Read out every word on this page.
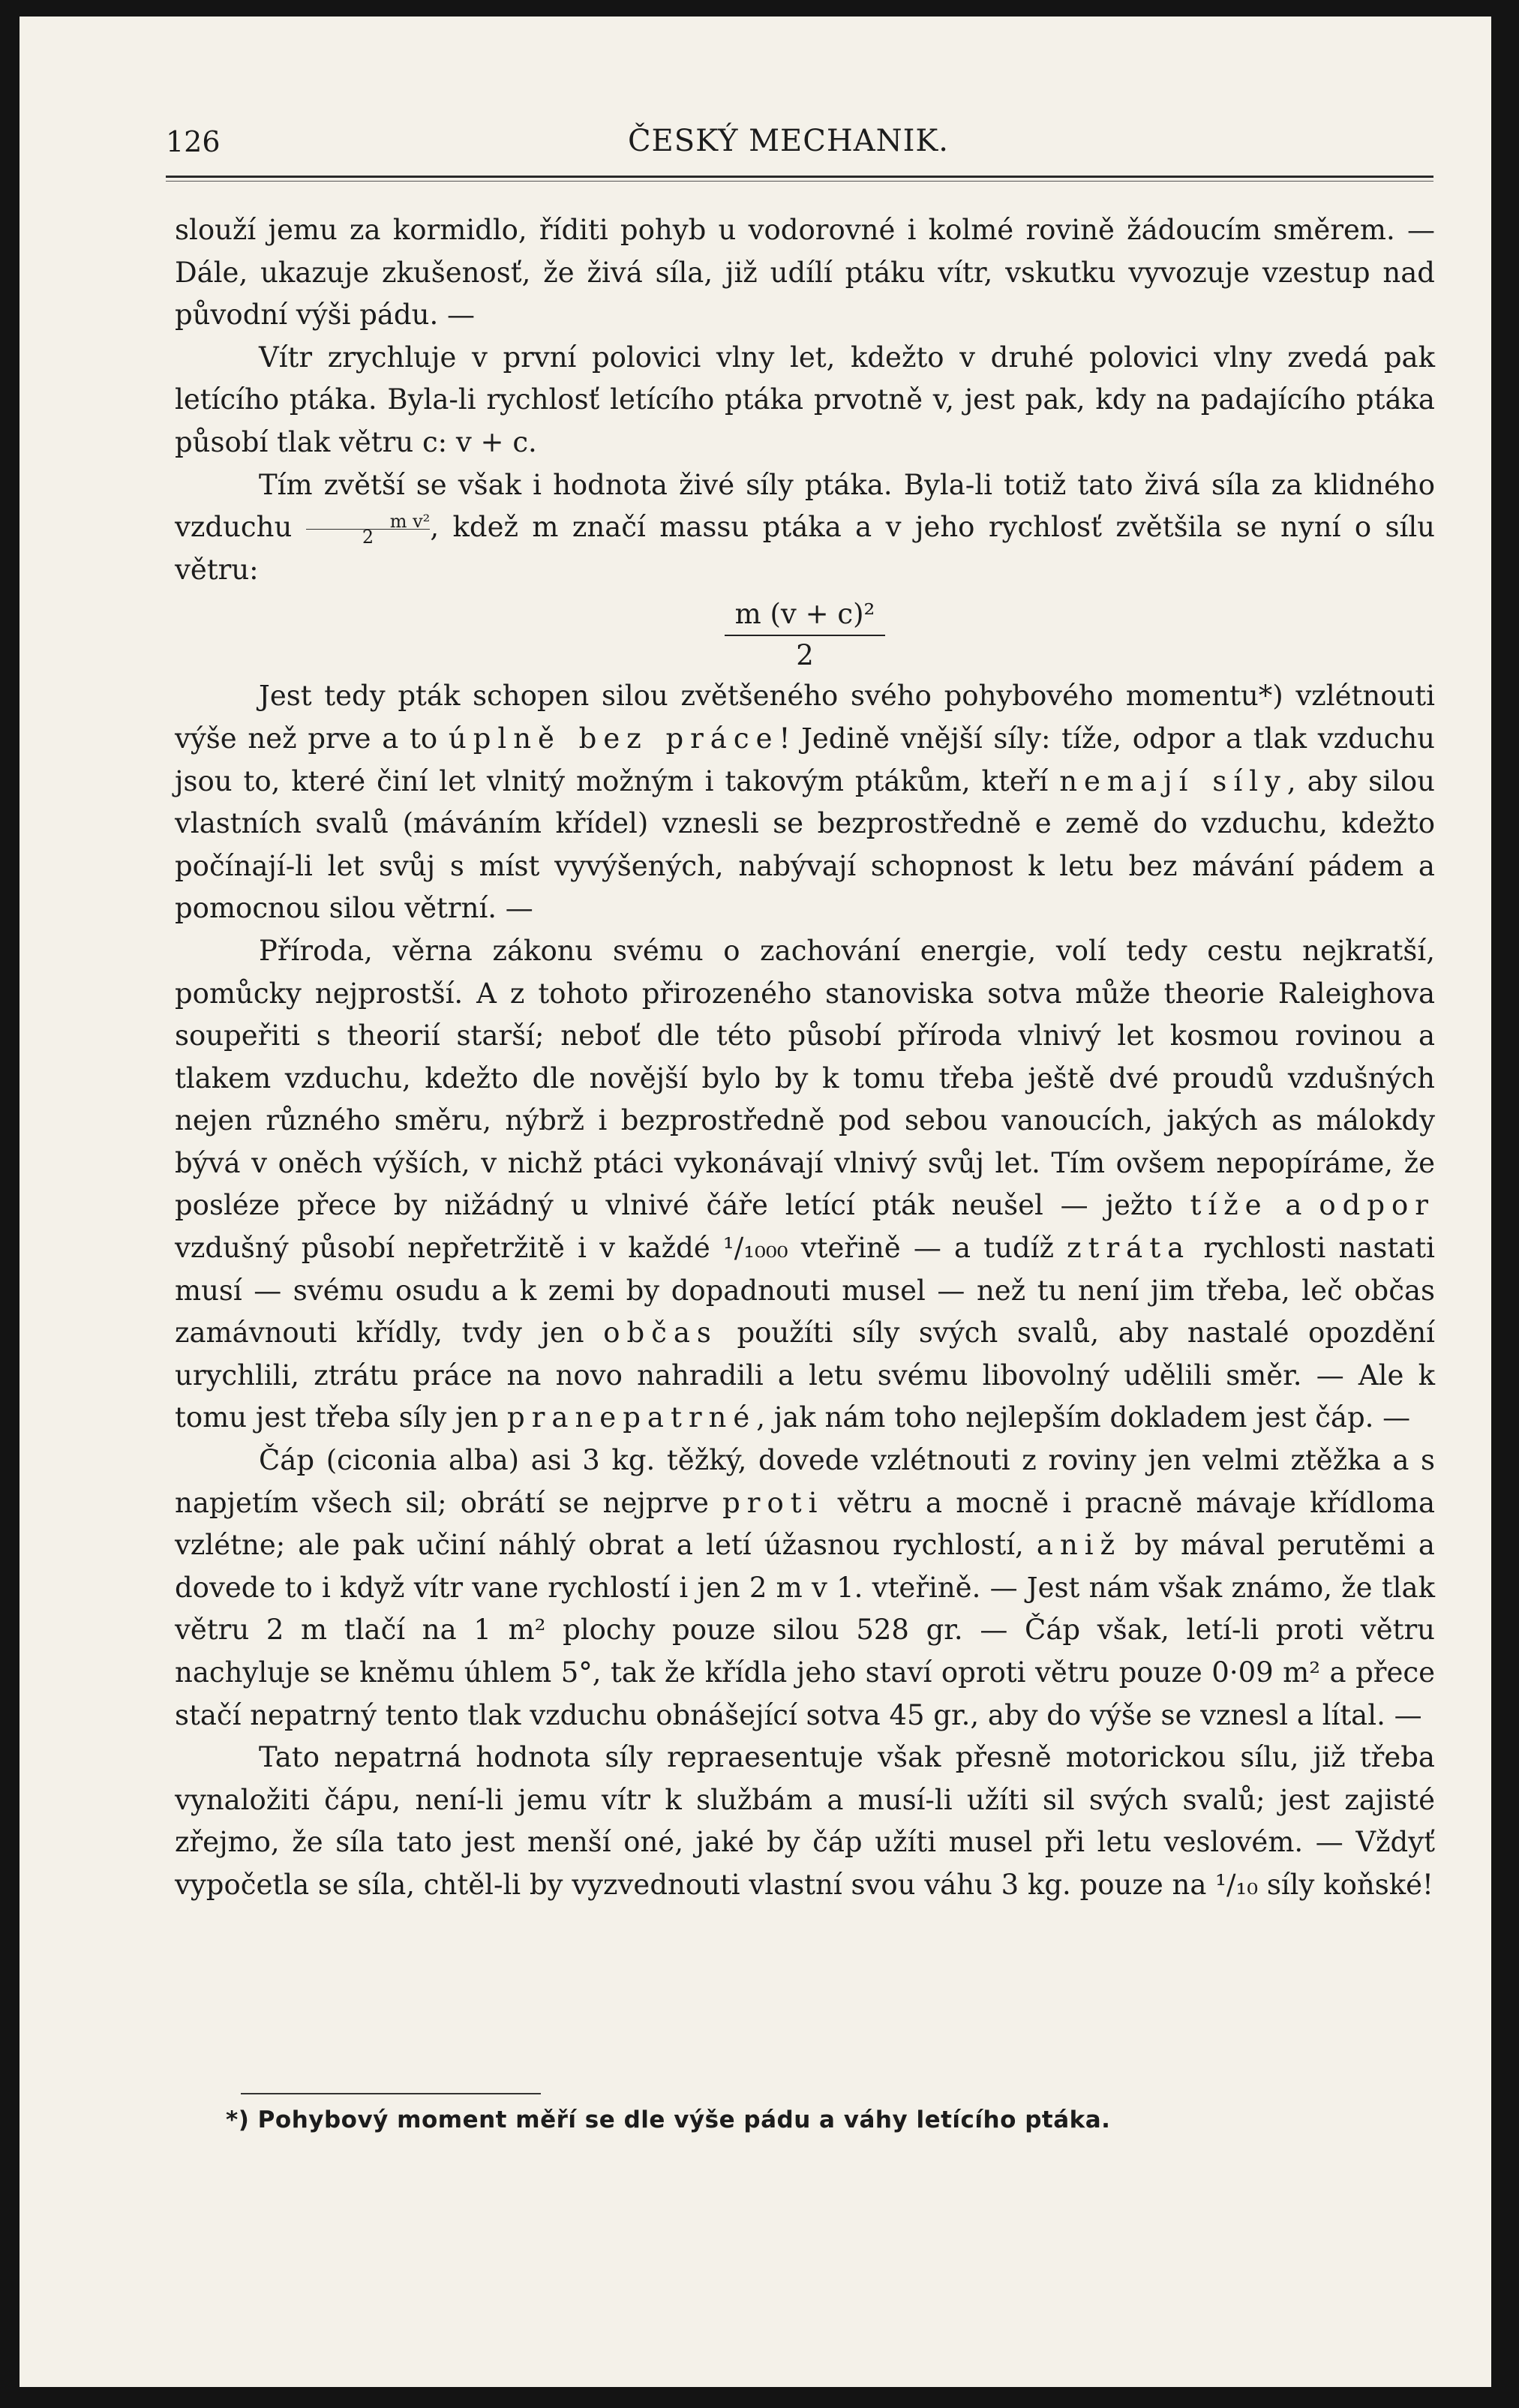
126	ČESKÝ MECHANIK.

slouží jemu za kormidlo, říditi pohyb u vodorovné i kolmé rovině žádoucím směrem. — Dále, ukazuje zkušenosť, že živá síla, již udílí ptáku vítr, vskutku vyvozuje vzestup nad původní výši pádu. —

Vítr zrychluje v první polovici vlny let, kdežto v druhé polovici vlny zvedá pak letícího ptáka. Byla-li rychlosť letícího ptáka prvotně v, jest pak, kdy na padajícího ptáka působí tlak větru c: v + c.

Tím zvětší se však i hodnota živé síly ptáka. Byla-li totiž tato živá síla za klidného vzduchu $\frac{\text{m v²}}{2}$, kdež m značí massu ptáka a v jeho rychlosť zvětšila se nyní o sílu větru:

m (v + c)²
2

Jest tedy pták schopen silou zvětšeného svého pohybového momentu*) vzlétnouti výše než prve a to úplně bez práce! Jedině vnější síly: tíže, odpor a tlak vzduchu jsou to, které činí let vlnitý možným i takovým ptákům, kteří nemají síly, aby silou vlastních svalů (máváním křídel) vznesli se bezprostředně e země do vzduchu, kdežto počínají-li let svůj s míst vyvýšených, nabývají schopnost k letu bez mávání pádem a pomocnou silou větrní. —

Příroda, věrna zákonu svému o zachování energie, volí tedy cestu nejkratší, pomůcky nejprostší. A z tohoto přirozeného stanoviska sotva může theorie Raleighova soupeřiti s theorií starší; neboť dle této působí příroda vlnivý let kosmou rovinou a tlakem vzduchu, kdežto dle novější bylo by k tomu třeba ještě dvé proudů vzdušných nejen různého směru, nýbrž i bezprostředně pod sebou vanoucích, jakých as málokdy bývá v oněch výších, v nichž ptáci vykonávají vlnivý svůj let. Tím ovšem nepopíráme, že posléze přece by nižádný u vlnivé čáře letící pták neušel — ježto tíže a odpor vzdušný působí nepřetržitě i v každé ¹/₁₀₀₀ vteřině — a tudíž ztráta rychlosti nastati musí — svému osudu a k zemi by dopadnouti musel — než tu není jim třeba, leč občas zamávnouti křídly, tvdy jen občas použíti síly svých svalů, aby nastalé opozdění urychlili, ztrátu práce na novo nahradili a letu svému libovolný udělili směr. — Ale k tomu jest třeba síly jen pranepatrné, jak nám toho nejlepším dokladem jest čáp. —

Čáp (ciconia alba) asi 3 kg. těžký, dovede vzlétnouti z roviny jen velmi ztěžka a s napjetím všech sil; obrátí se nejprve proti větru a mocně i pracně mávaje křídloma vzlétne; ale pak učiní náhlý obrat a letí úžasnou rychlostí, aniž by mával perutěmi a dovede to i když vítr vane rychlostí i jen 2 m v 1. vteřině. — Jest nám však známo, že tlak větru 2 m tlačí na 1 m² plochy pouze silou 528 gr. — Čáp však, letí-li proti větru nachyluje se kněmu úhlem 5°, tak že křídla jeho staví oproti větru pouze 0·09 m² a přece stačí nepatrný tento tlak vzduchu obnášející sotva 45 gr., aby do výše se vznesl a lítal. —

Tato nepatrná hodnota síly repraesentuje však přesně motorickou sílu, již třeba vynaložiti čápu, není-li jemu vítr k službám a musí-li užíti sil svých svalů; jest zajisté zřejmo, že síla tato jest menší oné, jaké by čáp užíti musel při letu veslovém. — Vždyť vypočetla se síla, chtěl-li by vyzvednouti vlastní svou váhu 3 kg. pouze na ¹/₁₀ síly koňské!

*) Pohybový moment měří se dle výše pádu a váhy letícího ptáka.
